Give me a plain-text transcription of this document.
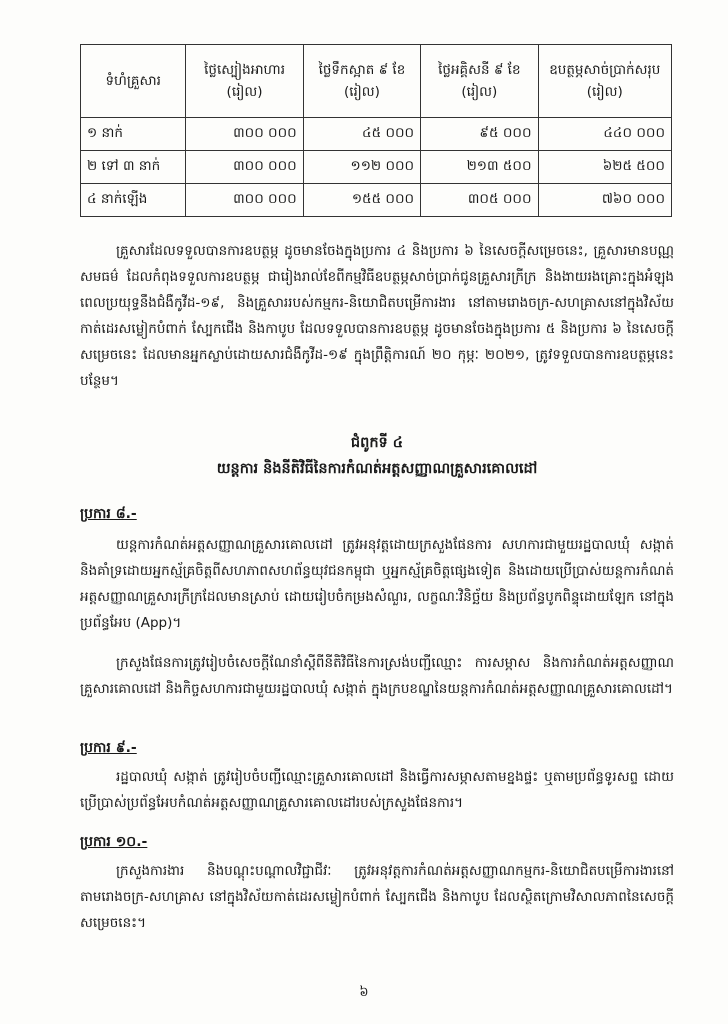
ទំហំគ្រួសារ	ថ្លៃស្បៀងអាហារ (រៀល)	ថ្លៃទឹកស្អាត ៩ ខែ (រៀល)	ថ្លៃអគ្គិសនី ៩ ខែ (រៀល)	ឧបត្ថម្ភសាច់ប្រាក់សរុប (រៀល)
១ នាក់	៣០០ ០០០	៤៥ ០០០	៩៥ ០០០	៤៤០ ០០០
២ ទៅ ៣ នាក់	៣០០ ០០០	១១២ ០០០	២១៣ ៥០០	៦២៥ ៥០០
៤ នាក់ឡើង	៣០០ ០០០	១៥៥ ០០០	៣០៥ ០០០	៧៦០ ០០០

គ្រួសារដែលទទួលបានការឧបត្ថម្ភ ដូចមានចែងក្នុងប្រការ ៤ និងប្រការ ៦ នៃសេចក្តីសម្រេចនេះ, គ្រួសារមានបណ្ណសមធម៌ ដែលកំពុងទទួលការឧបត្ថម្ភ ជារៀងរាល់ខែពីកម្មវិធីឧបត្ថម្ភសាច់ប្រាក់ជូនគ្រួសារក្រីក្រ និងងាយរងគ្រោះក្នុងអំឡុងពេលប្រយុទ្ធនឹងជំងឺកូវីដ-១៩, និងគ្រួសាររបស់កម្មករ-និយោជិតបម្រើការងារ នៅតាមរោងចក្រ-សហគ្រាសនៅក្នុងវិស័យកាត់ដេរសម្លៀកបំពាក់ ស្បែកជើង និងកាបូប ដែលទទួលបានការឧបត្ថម្ភ ដូចមានចែងក្នុងប្រការ ៥ និងប្រការ ៦ នៃសេចក្តីសម្រេចនេះ ដែលមានអ្នកស្លាប់ដោយសារជំងឺកូវីដ-១៩ ក្នុងព្រឹត្តិការណ៍ ២០ កុម្ភៈ ២០២១, ត្រូវទទួលបានការឧបត្ថម្ភនេះបន្ថែម។

ជំពូកទី ៤

យន្តការ និងនីតិវិធីនៃការកំណត់អត្តសញ្ញាណគ្រួសារគោលដៅ

ប្រការ ៨.-

យន្តការកំណត់អត្តសញ្ញាណគ្រួសារគោលដៅ ត្រូវអនុវត្តដោយក្រសួងផែនការ សហការជាមួយរដ្ឋបាលឃុំ សង្កាត់ និងគាំទ្រដោយអ្នកស្ម័គ្រចិត្តពីសហភាពសហព័ន្ធយុវជនកម្ពុជា ឬអ្នកស្ម័គ្រចិត្តផ្សេងទៀត និងដោយប្រើប្រាស់យន្តការកំណត់អត្តសញ្ញាណគ្រួសារក្រីក្រដែលមានស្រាប់ ដោយរៀបចំកម្រងសំណួរ, លក្ខណៈវិនិច្ឆ័យ និងប្រព័ន្ធបូកពិន្ទុដោយឡែក នៅក្នុងប្រព័ន្ធអែប (App)។

ក្រសួងផែនការត្រូវរៀបចំសេចក្តីណែនាំស្តីពីនីតិវិធីនៃការស្រង់បញ្ជីឈ្មោះ ការសម្ភាស និងការកំណត់អត្តសញ្ញាណគ្រួសារគោលដៅ និងកិច្ចសហការជាមួយរដ្ឋបាលឃុំ សង្កាត់ ក្នុងក្របខណ្ឌនៃយន្តការកំណត់អត្តសញ្ញាណគ្រួសារគោលដៅ។

ប្រការ ៩.-

រដ្ឋបាលឃុំ សង្កាត់ ត្រូវរៀបចំបញ្ជីឈ្មោះគ្រួសារគោលដៅ និងធ្វើការសម្ភាសតាមខ្នងផ្ទះ ឬតាមប្រព័ន្ធទូរសព្ទ ដោយប្រើប្រាស់ប្រព័ន្ធអែបកំណត់អត្តសញ្ញាណគ្រួសារគោលដៅរបស់ក្រសួងផែនការ។

ប្រការ ១០.-

ក្រសួងការងារ និងបណ្តុះបណ្តាលវិជ្ជាជីវៈ ត្រូវអនុវត្តការកំណត់អត្តសញ្ញាណកម្មករ-និយោជិតបម្រើការងារនៅតាមរោងចក្រ-សហគ្រាស នៅក្នុងវិស័យកាត់ដេរសម្លៀកបំពាក់ ស្បែកជើង និងកាបូប ដែលស្ថិតក្រោមវិសាលភាពនៃសេចក្តីសម្រេចនេះ។

៦
